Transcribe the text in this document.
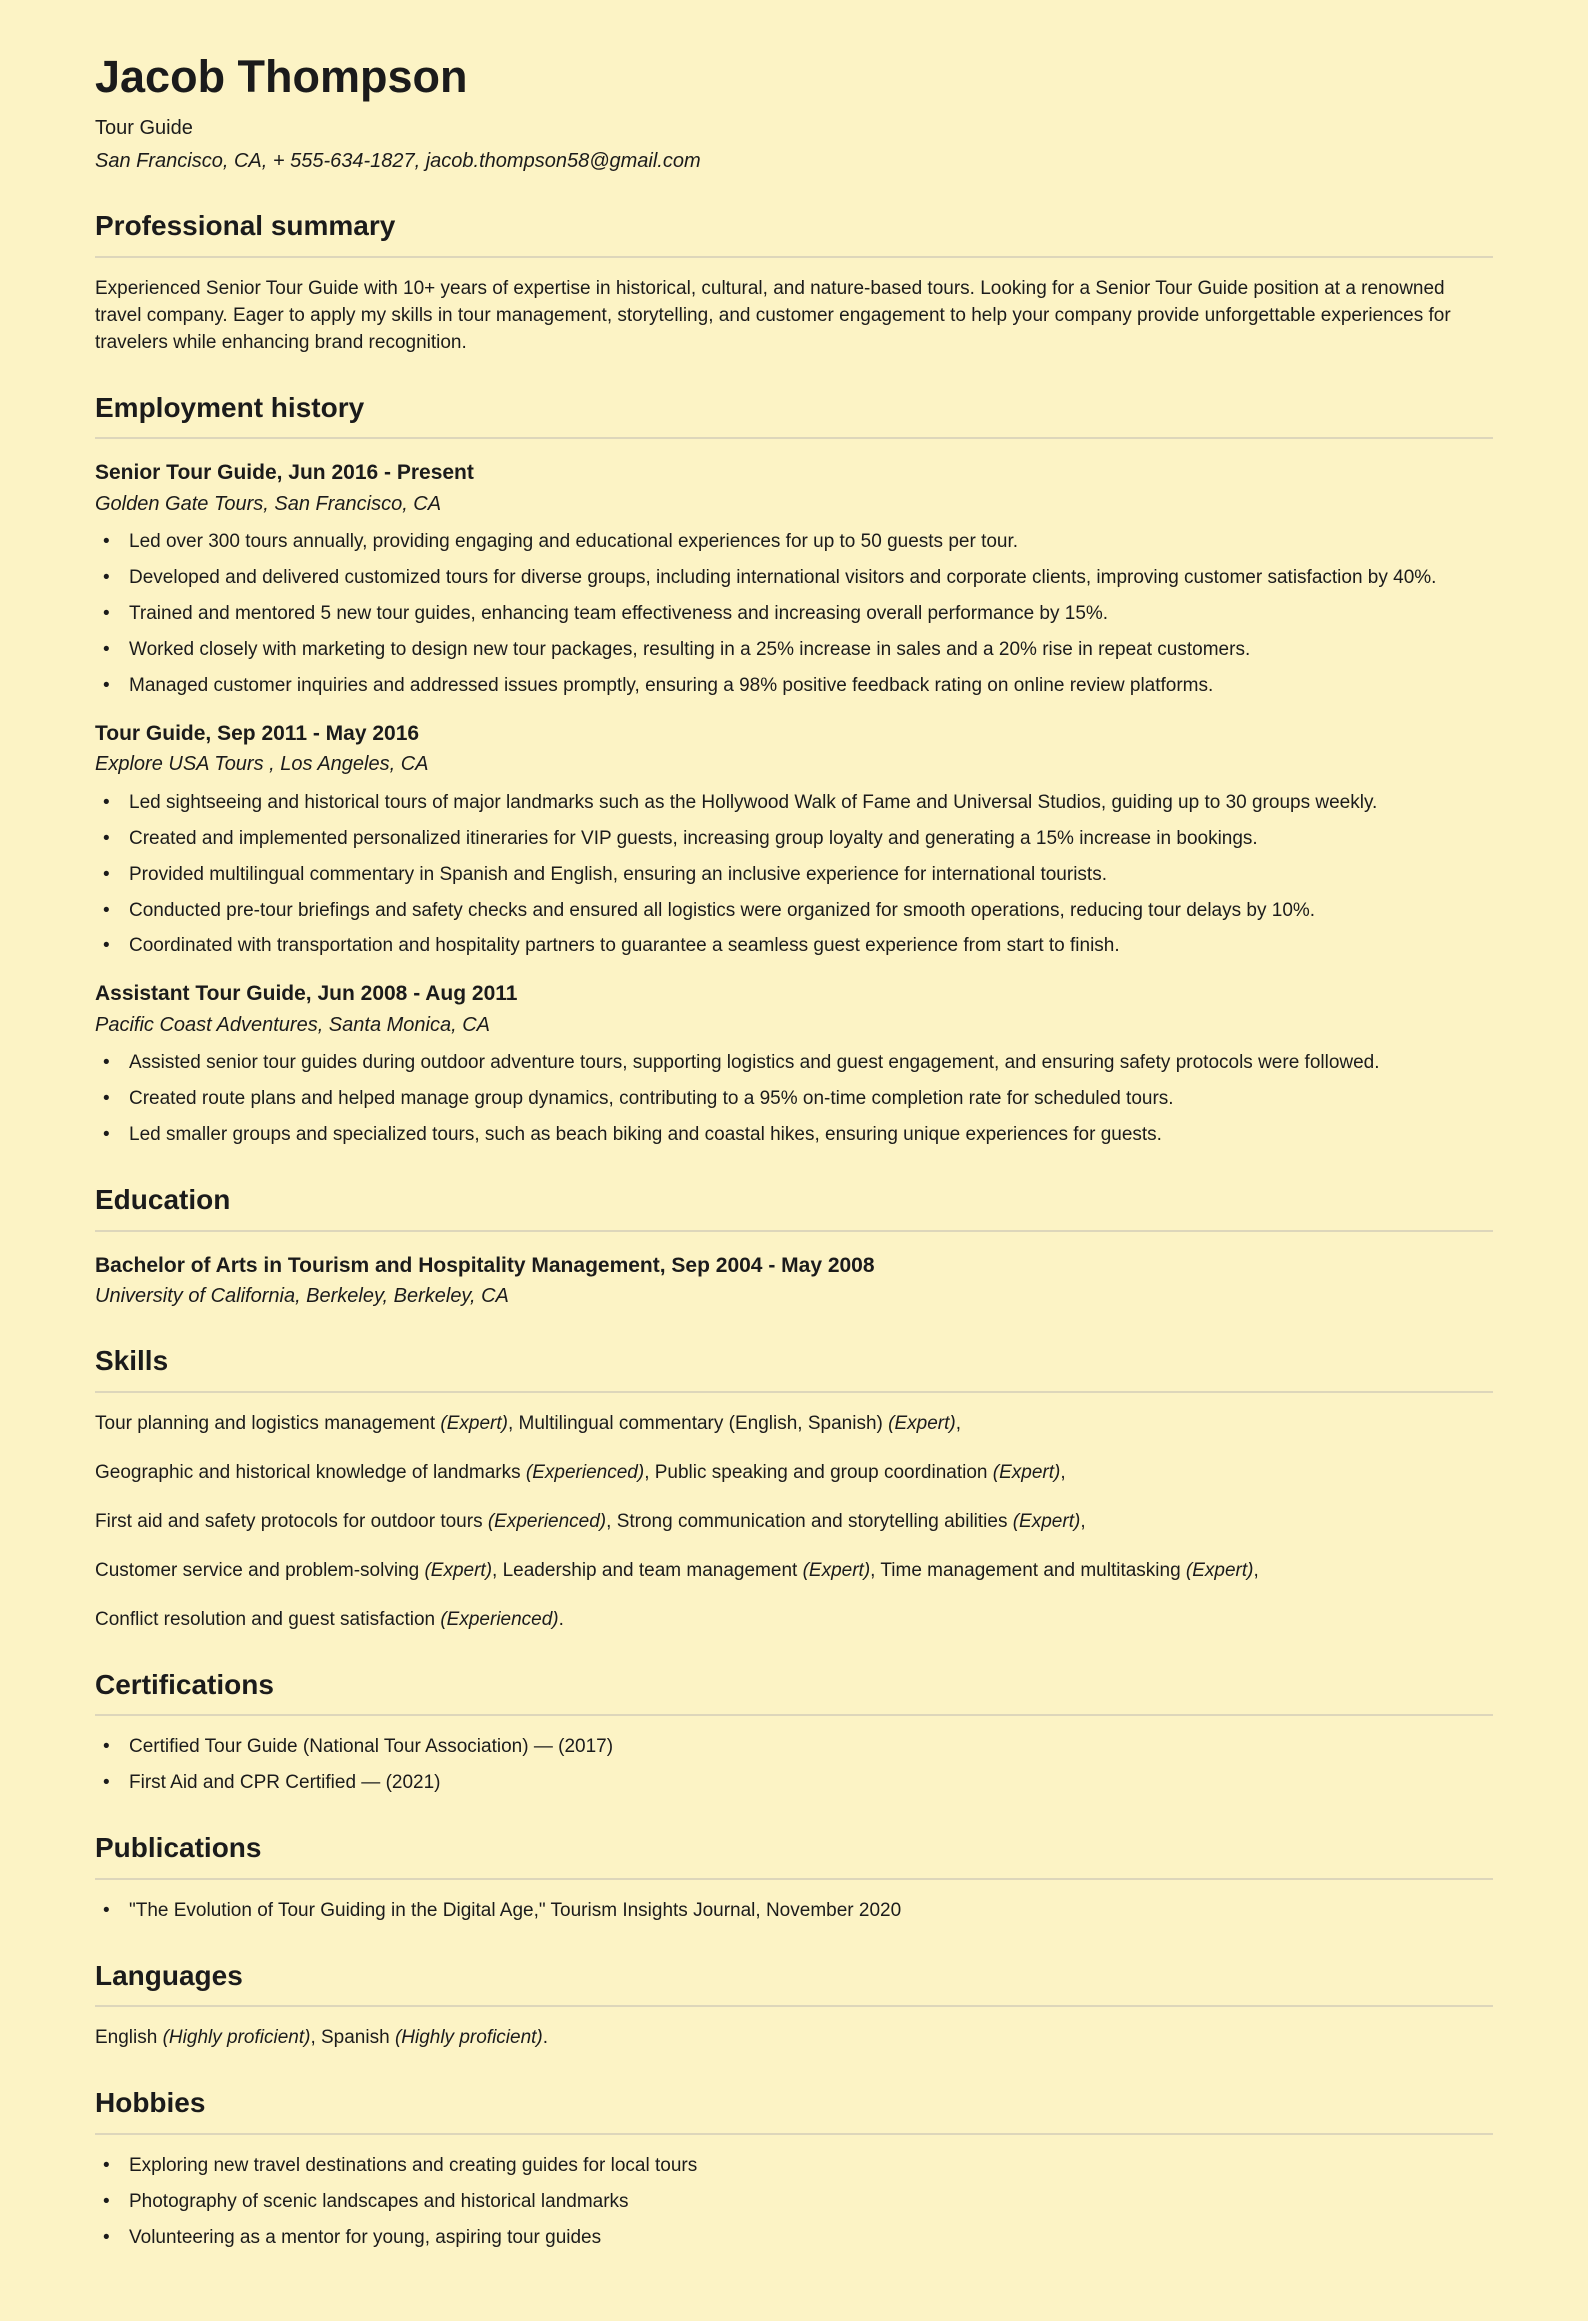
Jacob Thompson
Tour Guide
San Francisco, CA, + 555-634-1827, jacob.thompson58@gmail.com
Professional summary

Experienced Senior Tour Guide with 10+ years of expertise in historical, cultural, and nature-based tours. Looking for a Senior Tour Guide position at a renowned travel company. Eager to apply my skills in tour management, storytelling, and customer engagement to help your company provide unforgettable experiences for travelers while enhancing brand recognition.

Employment history
Senior Tour Guide, Jun 2016 - Present
Golden Gate Tours, San Francisco, CA
• Led over 300 tours annually, providing engaging and educational experiences for up to 50 guests per tour.
• Developed and delivered customized tours for diverse groups, including international visitors and corporate clients, improving customer satisfaction by 40%.
• Trained and mentored 5 new tour guides, enhancing team effectiveness and increasing overall performance by 15%.
• Worked closely with marketing to design new tour packages, resulting in a 25% increase in sales and a 20% rise in repeat customers.
• Managed customer inquiries and addressed issues promptly, ensuring a 98% positive feedback rating on online review platforms.
Tour Guide, Sep 2011 - May 2016
Explore USA Tours , Los Angeles, CA
• Led sightseeing and historical tours of major landmarks such as the Hollywood Walk of Fame and Universal Studios, guiding up to 30 groups weekly.
• Created and implemented personalized itineraries for VIP guests, increasing group loyalty and generating a 15% increase in bookings.
• Provided multilingual commentary in Spanish and English, ensuring an inclusive experience for international tourists.
• Conducted pre-tour briefings and safety checks and ensured all logistics were organized for smooth operations, reducing tour delays by 10%.
• Coordinated with transportation and hospitality partners to guarantee a seamless guest experience from start to finish.
Assistant Tour Guide, Jun 2008 - Aug 2011
Pacific Coast Adventures, Santa Monica, CA
• Assisted senior tour guides during outdoor adventure tours, supporting logistics and guest engagement, and ensuring safety protocols were followed.
• Created route plans and helped manage group dynamics, contributing to a 95% on-time completion rate for scheduled tours.
• Led smaller groups and specialized tours, such as beach biking and coastal hikes, ensuring unique experiences for guests.
Education
Bachelor of Arts in Tourism and Hospitality Management, Sep 2004 - May 2008
University of California, Berkeley, Berkeley, CA
Skills
Tour planning and logistics management (Expert), Multilingual commentary (English, Spanish) (Expert),
Geographic and historical knowledge of landmarks (Experienced), Public speaking and group coordination (Expert),
First aid and safety protocols for outdoor tours (Experienced), Strong communication and storytelling abilities (Expert),
Customer service and problem-solving (Expert), Leadership and team management (Expert), Time management and multitasking (Expert),
Conflict resolution and guest satisfaction (Experienced).
Certifications
• Certified Tour Guide (National Tour Association) — (2017)
• First Aid and CPR Certified — (2021)
Publications
• "The Evolution of Tour Guiding in the Digital Age," Tourism Insights Journal, November 2020
Languages
English (Highly proficient), Spanish (Highly proficient).
Hobbies
• Exploring new travel destinations and creating guides for local tours
• Photography of scenic landscapes and historical landmarks
• Volunteering as a mentor for young, aspiring tour guides
